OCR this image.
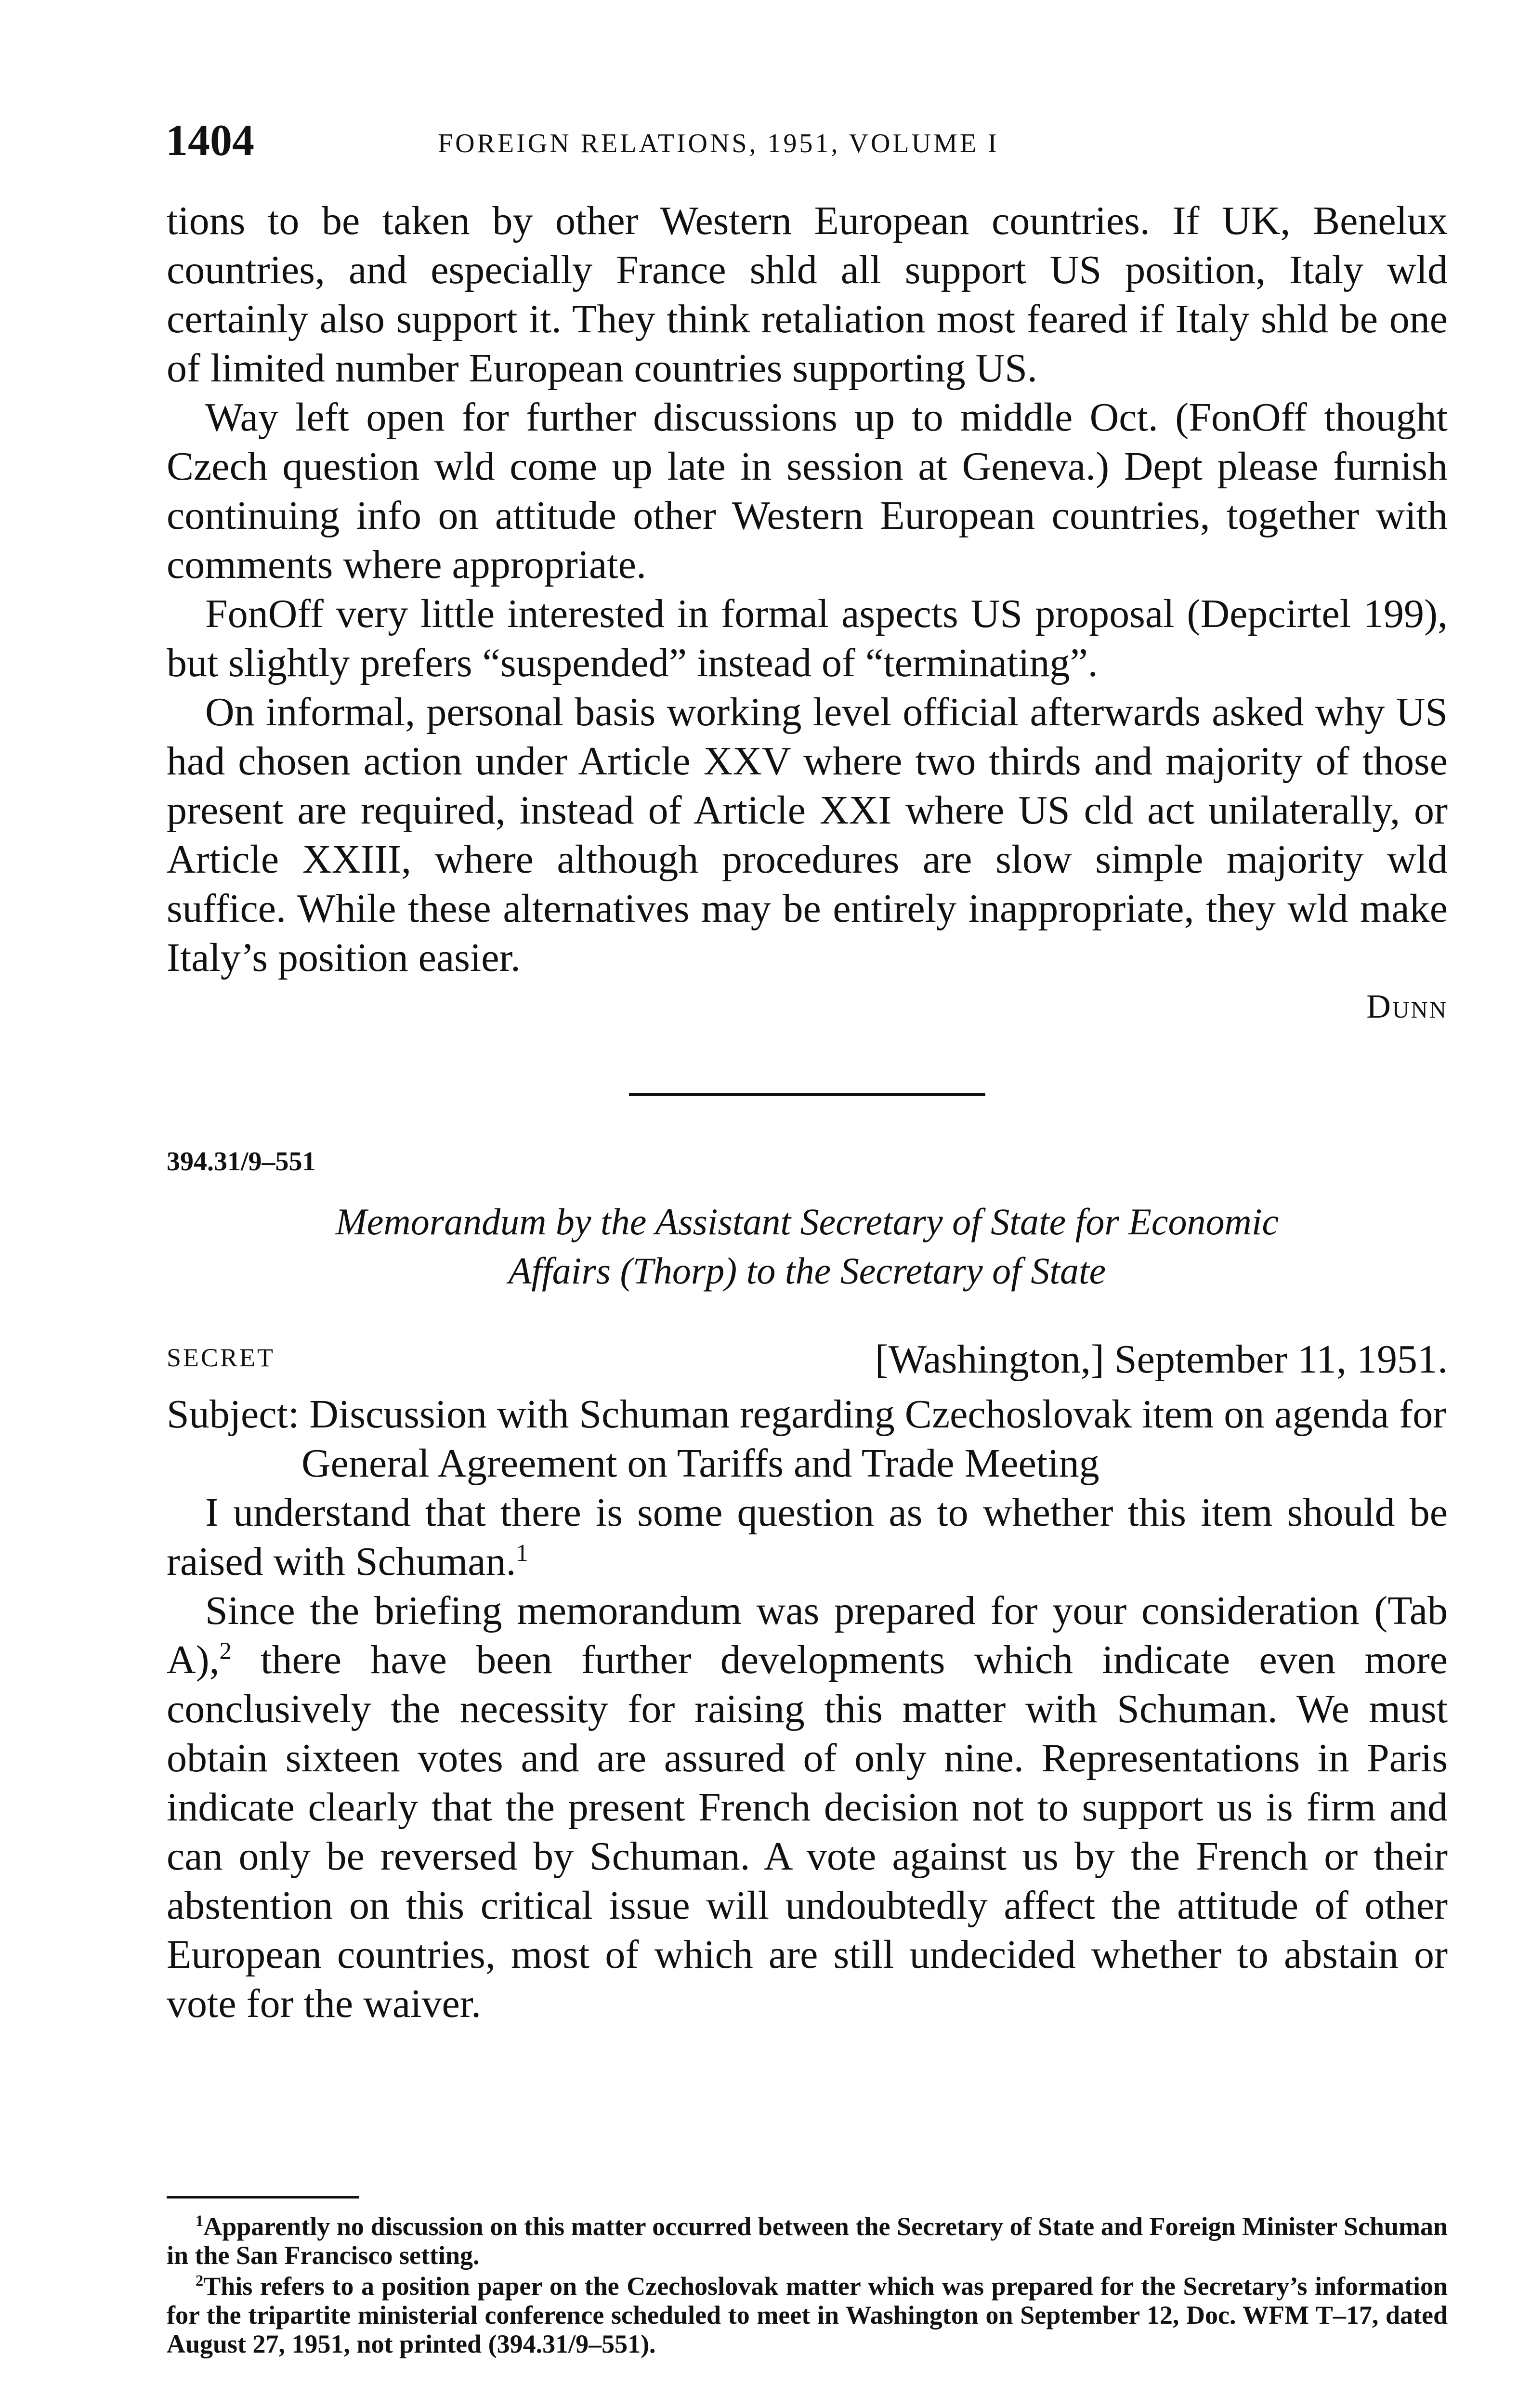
1404	FOREIGN RELATIONS, 1951, VOLUME I

tions to be taken by other Western European countries. If UK, Benelux countries, and especially France shld all support US position, Italy wld certainly also support it. They think retaliation most feared if Italy shld be one of limited number European countries supporting US.

Way left open for further discussions up to middle Oct. (FonOff thought Czech question wld come up late in session at Geneva.) Dept please furnish continuing info on attitude other Western European countries, together with comments where appropriate.

FonOff very little interested in formal aspects US proposal (Depcirtel 199), but slightly prefers “suspended” instead of “terminating”.

On informal, personal basis working level official afterwards asked why US had chosen action under Article XXV where two thirds and majority of those present are required, instead of Article XXI where US cld act unilaterally, or Article XXIII, where although procedures are slow simple majority wld suffice. While these alternatives may be entirely inappropriate, they wld make Italy’s position easier.

Dunn

394.31/9–551
Memorandum by the Assistant Secretary of State for Economic
Affairs (Thorp) to the Secretary of State
SECRET	[Washington,] September 11, 1951.
Subject: Discussion with Schuman regarding Czechoslovak item on agenda for General Agreement on Tariffs and Trade Meeting

I understand that there is some question as to whether this item should be raised with Schuman.$^1$

Since the briefing memorandum was prepared for your consideration (Tab A),$^2$ there have been further developments which indicate even more conclusively the necessity for raising this matter with Schuman. We must obtain sixteen votes and are assured of only nine. Representations in Paris indicate clearly that the present French decision not to support us is firm and can only be reversed by Schuman. A vote against us by the French or their abstention on this critical issue will undoubtedly affect the attitude of other European countries, most of which are still undecided whether to abstain or vote for the waiver.

$^1$Apparently no discussion on this matter occurred between the Secretary of State and Foreign Minister Schuman in the San Francisco setting.

$^2$This refers to a position paper on the Czechoslovak matter which was prepared for the Secretary’s information for the tripartite ministerial conference scheduled to meet in Washington on September 12, Doc. WFM T–17, dated August 27, 1951, not printed (394.31/9–551).
